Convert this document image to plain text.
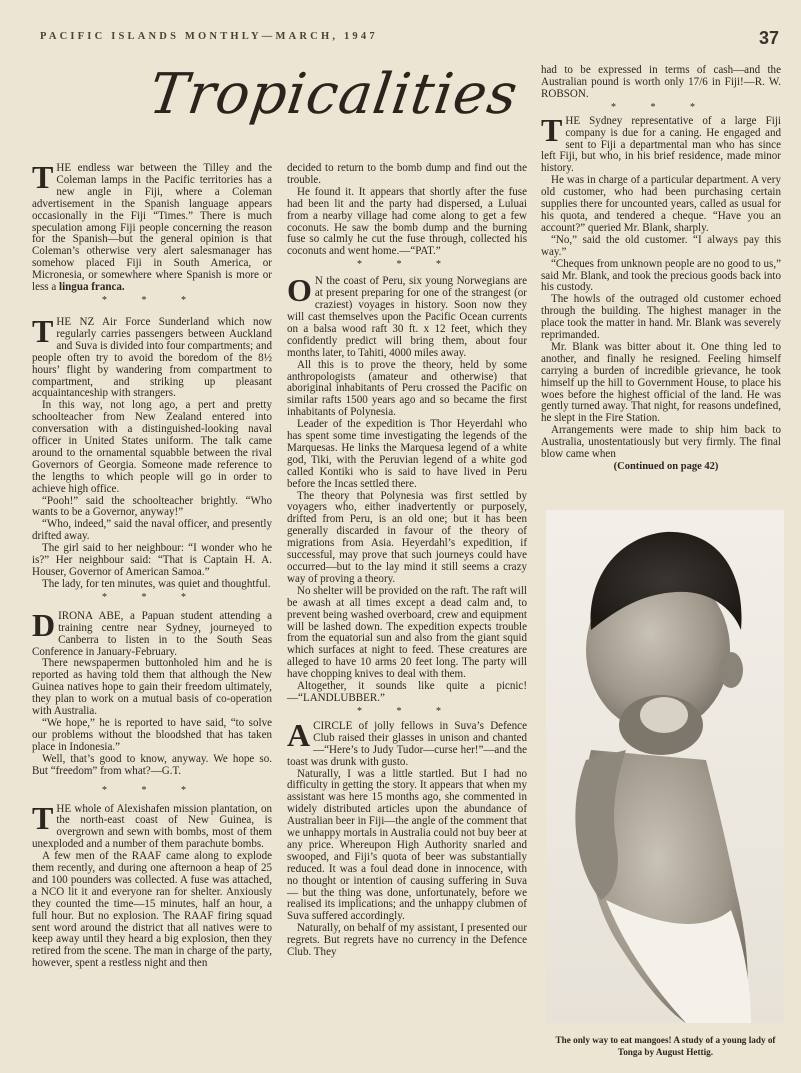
PACIFIC ISLANDS MONTHLY—MARCH, 1947	37
Tropicalities

THE endless war between the Tilley and the Coleman lamps in the Pacific territories has a new angle in Fiji, where a Coleman advertisement in the Spanish language appears occasionally in the Fiji “Times.” There is much speculation among Fiji people concerning the reason for the Spanish—but the general opinion is that Coleman’s otherwise very alert salesmanager has somehow placed Fiji in South America, or Micronesia, or somewhere where Spanish is more or less a lingua franca.

* * *

THE NZ Air Force Sunderland which now regularly carries passengers between Auckland and Suva is divided into four compartments; and people often try to avoid the boredom of the 8½ hours’ flight by wandering from compartment to compartment, and striking up pleasant acquaintanceship with strangers.

In this way, not long ago, a pert and pretty schoolteacher from New Zealand entered into conversation with a distinguished-looking naval officer in United States uniform. The talk came around to the ornamental squabble between the rival Governors of Georgia. Someone made reference to the lengths to which people will go in order to achieve high office.

“Pooh!” said the schoolteacher brightly. “Who wants to be a Governor, anyway!”

“Who, indeed,” said the naval officer, and presently drifted away.

The girl said to her neighbour: “I wonder who he is?” Her neighbour said: “That is Captain H. A. Houser, Governor of American Samoa.”

The lady, for ten minutes, was quiet and thoughtful.

* * *

DIRONA ABE, a Papuan student attending a training centre near Sydney, journeyed to Canberra to listen in to the South Seas Conference in January-February.

There newspapermen buttonholed him and he is reported as having told them that although the New Guinea natives hope to gain their freedom ultimately, they plan to work on a mutual basis of co-operation with Australia.

“We hope,” he is reported to have said, “to solve our problems without the bloodshed that has taken place in Indonesia.”

Well, that’s good to know, anyway. We hope so. But “freedom” from what?—G.T.

* * *

THE whole of Alexishafen mission plantation, on the north-east coast of New Guinea, is overgrown and sewn with bombs, most of them unexploded and a number of them parachute bombs.

A few men of the RAAF came along to explode them recently, and during one afternoon a heap of 25 and 100 pounders was collected. A fuse was attached, a NCO lit it and everyone ran for shelter. Anxiously they counted the time—15 minutes, half an hour, a full hour. But no explosion. The RAAF firing squad sent word around the district that all natives were to keep away until they heard a big explosion, then they retired from the scene. The man in charge of the party, however, spent a restless night and then

decided to return to the bomb dump and find out the trouble.

He found it. It appears that shortly after the fuse had been lit and the party had dispersed, a Luluai from a nearby village had come along to get a few coconuts. He saw the bomb dump and the burning fuse so calmly he cut the fuse through, collected his coconuts and went home.—“PAT.”

* * *

O N the coast of Peru, six young Norwegians are at present preparing for one of the strangest (or craziest) voyages in history. Soon now they will cast themselves upon the Pacific Ocean currents on a balsa wood raft 30 ft. x 12 feet, which they confidently predict will bring them, about four months later, to Tahiti, 4000 miles away.

All this is to prove the theory, held by some anthropologists (amateur and otherwise) that aboriginal inhabitants of Peru crossed the Pacific on similar rafts 1500 years ago and so became the first inhabitants of Polynesia.

Leader of the expedition is Thor Heyerdahl who has spent some time investigating the legends of the Marquesas. He links the Marquesa legend of a white god, Tiki, with the Peruvian legend of a white god called Kontiki who is said to have lived in Peru before the Incas settled there.

The theory that Polynesia was first settled by voyagers who, either inadvertently or purposely, drifted from Peru, is an old one; but it has been generally discarded in favour of the theory of migrations from Asia. Heyerdahl’s expedition, if successful, may prove that such journeys could have occurred—but to the lay mind it still seems a crazy way of proving a theory.

No shelter will be provided on the raft. The raft will be awash at all times except a dead calm and, to prevent being washed overboard, crew and equipment will be lashed down. The expedition expects trouble from the equatorial sun and also from the giant squid which surfaces at night to feed. These creatures are alleged to have 10 arms 20 feet long. The party will have chopping knives to deal with them.

Altogether, it sounds like quite a picnic!—“LANDLUBBER.”

* * *

ACIRCLE of jolly fellows in Suva’s Defence Club raised their glasses in unison and chanted—“Here’s to Judy Tudor—curse her!”—and the toast was drunk with gusto.

Naturally, I was a little startled. But I had no difficulty in getting the story. It appears that when my assistant was here 15 months ago, she commented in widely distributed articles upon the abundance of Australian beer in Fiji—the angle of the comment that we unhappy mortals in Australia could not buy beer at any price. Whereupon High Authority snarled and swooped, and Fiji’s quota of beer was substantially reduced. It was a foul dead done in innocence, with no thought or intention of causing suffering in Suva — but the thing was done, unfortunately, before we realised its implications; and the unhappy clubmen of Suva suffered accordingly.

Naturally, on behalf of my assistant, I presented our regrets. But regrets have no currency in the Defence Club. They

had to be expressed in terms of cash—and the Australian pound is worth only 17/6 in Fiji!—R. W. ROBSON.

* * *

THE Sydney representative of a large Fiji company is due for a caning. He engaged and sent to Fiji a departmental man who has since left Fiji, but who, in his brief residence, made minor history.

He was in charge of a particular department. A very old customer, who had been purchasing certain supplies there for uncounted years, called as usual for his quota, and tendered a cheque. “Have you an account?” queried Mr. Blank, sharply.

“No,” said the old customer. “I always pay this way.”

“Cheques from unknown people are no good to us,” said Mr. Blank, and took the precious goods back into his custody.

The howls of the outraged old customer echoed through the building. The highest manager in the place took the matter in hand. Mr. Blank was severely reprimanded.

Mr. Blank was bitter about it. One thing led to another, and finally he resigned. Feeling himself carrying a burden of incredible grievance, he took himself up the hill to Government House, to place his woes before the highest official of the land. He was gently turned away. That night, for reasons undefined, he slept in the Fire Station.

Arrangements were made to ship him back to Australia, unostentatiously but very firmly. The final blow came when

(Continued on page 42)

The only way to eat mangoes! A study of a young lady of Tonga by August Hettig.
